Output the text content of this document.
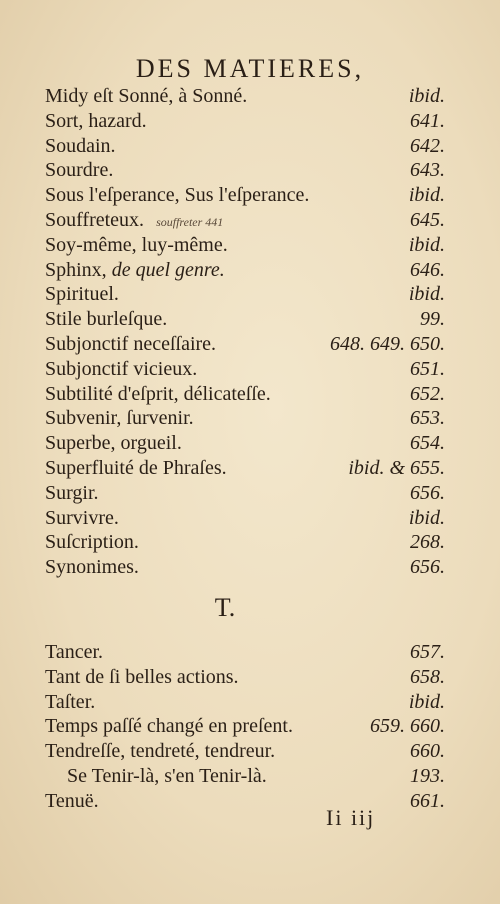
DES MATIERES,
Midy eſt Sonné, à Sonné.	ibid.
Sort, hazard.	641.
Soudain.	642.
Sourdre.	643.
Sous l'eſperance, Sus l'eſperance.	ibid.
Souffreteux. souffreter 441	645.
Soy-même, luy-même.	ibid.
Sphinx, de quel genre.	646.
Spirituel.	ibid.
Stile burleſque.	99.
Subjonctif neceſſaire.	648. 649. 650.
Subjonctif vicieux.	651.
Subtilité d'eſprit, délicateſſe.	652.
Subvenir, ſurvenir.	653.
Superbe, orgueil.	654.
Superfluité de Phraſes.	ibid. & 655.
Surgir.	656.
Survivre.	ibid.
Suſcription.	268.
Synonimes.	656.
T.
Tancer.	657.
Tant de ſi belles actions.	658.
Taſter.	ibid.
Temps paſſé changé en preſent.	659. 660.
Tendreſſe, tendreté, tendreur.	660.
Se Tenir-là, s'en Tenir-là.	193.
Tenuë.	661.
Ii iij
